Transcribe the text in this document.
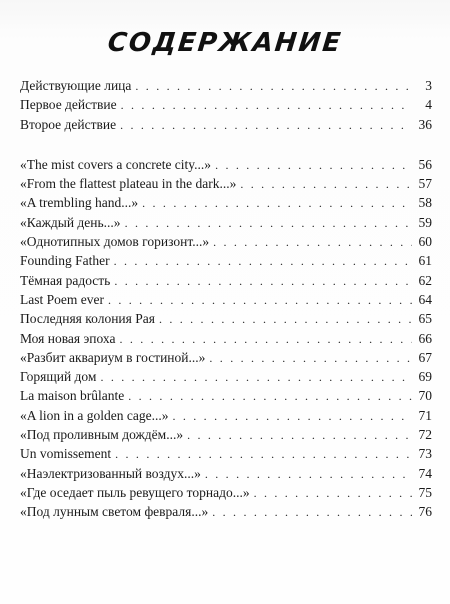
СОДЕРЖАНИЕ
Действующие лица . . .	3
Первое действие . . .	4
Второе действие . . .	36
«The mist covers a concrete city...» . . .	56
«From the flattest plateau in the dark...» . . .	57
«A trembling hand...» . . .	58
«Каждый день...» . . .	59
«Однотипных домов горизонт...» . . .	60
Founding Father . . .	61
Тёмная радость . . .	62
Last Poem ever . . .	64
Последняя колония Рая . . .	65
Моя новая эпоха . . .	66
«Разбит аквариум в гостиной...» . . .	67
Горящий дом . . .	69
La maison brûlante . . .	70
«A lion in a golden cage...» . . .	71
«Под проливным дождём...» . . .	72
Un vomissement . . .	73
«Наэлектризованный воздух...» . . .	74
«Где оседает пыль ревущего торнадо...» . . .	75
«Под лунным светом февраля...» . . .	76
